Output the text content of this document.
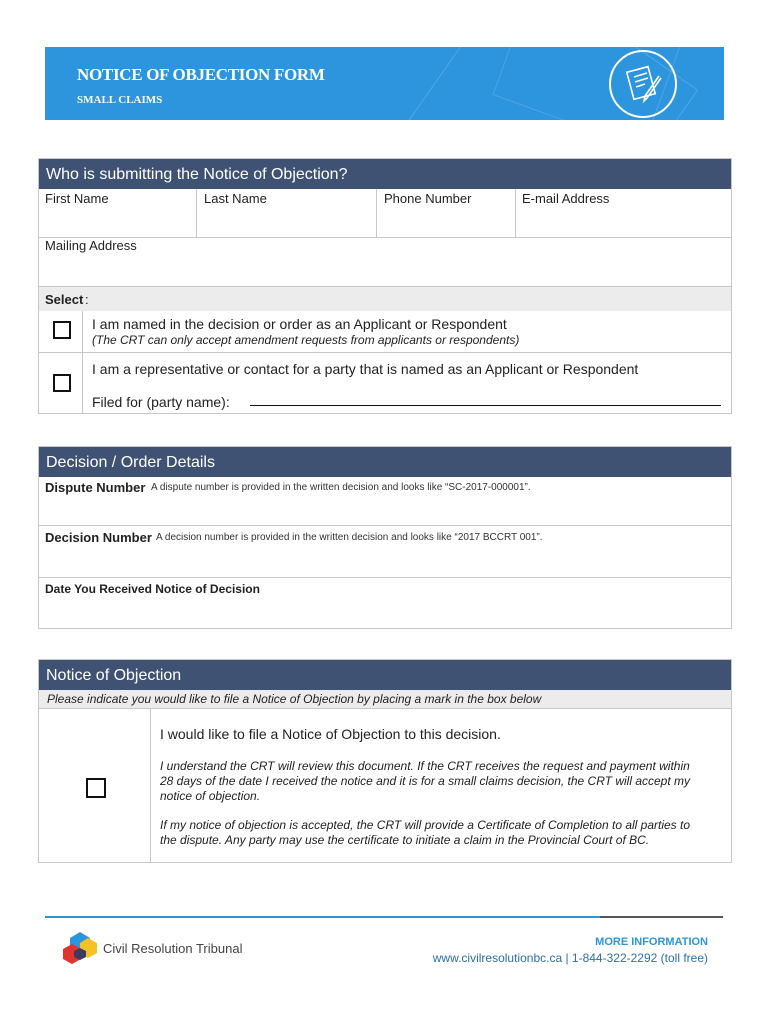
NOTICE OF OBJECTION FORM
SMALL CLAIMS
Who is submitting the Notice of Objection?
First Name	Last Name	Phone Number	E-mail Address
Mailing Address
Select :
I am named in the decision or order as an Applicant or Respondent
(The CRT can only accept amendment requests from applicants or respondents)
I am a representative or contact for a party that is named as an Applicant or Respondent
Filed for (party name):
Decision / Order Details
Dispute Number A dispute number is provided in the written decision and looks like “SC-2017-000001”.
Decision Number A decision number is provided in the written decision and looks like “2017 BCCRT 001”.
Date You Received Notice of Decision
Notice of Objection
Please indicate you would like to file a Notice of Objection by placing a mark in the box below
I would like to file a Notice of Objection to this decision.
I understand the CRT will review this document. If the CRT receives the request and payment within 28 days of the date I received the notice and it is for a small claims decision, the CRT will accept my notice of objection.
If my notice of objection is accepted, the CRT will provide a Certificate of Completion to all parties to the dispute. Any party may use the certificate to initiate a claim in the Provincial Court of BC.
Civil Resolution Tribunal	MORE INFORMATION
www.civilresolutionbc.ca | 1-844-322-2292 (toll free)
